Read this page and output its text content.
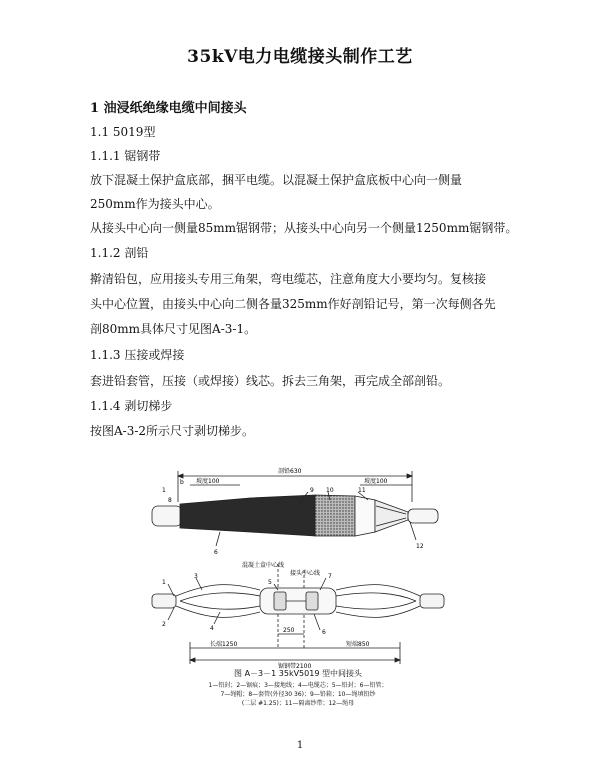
35kV电力电缆接头制作工艺
1 油浸纸绝缘电缆中间接头
1.1 5019型
1.1.1 锯钢带
放下混凝土保护盒底部，捆平电缆。以混凝土保护盒底板中心向一侧量
250mm作为接头中心。
从接头中心向一侧量85mm锯钢带；从接头中心向另一个侧量1250mm锯钢带。
1.1.2 剖铅
擀清铅包，应用接头专用三角架，弯电缆芯，注意角度大小要均匀。复核接
头中心位置，由接头中心向二侧各量325mm作好剖铅记号，第一次每侧各先
剖80mm具体尺寸见图A-3-1。
1.1.3 压接或焊接
套进铅套管，压接（或焊接）线芯。拆去三角架，再完成全部剖铅。
1.1.4 剥切梯步
按图A-3-2所示尺寸剥切梯步。
剖铅630
b 坡度100	坡度100
1
8
9 10	11
6
12
混凝土盒中心线
接头中心线
1
3
5
7
2
4
6
250
长端1250	短端850
锯钢带2100
图 A－3－1 35kV5019 型中间接头
1—铅封；2—锯痕；3—接地线；4—电缆芯；5—铅封；6—铅管；
7—绳帽；8—套管(外径30 36)；9—铅箱；10—绳填铅纱
(二层 #1.25)；11—隔离纱带；12—绳母
1
